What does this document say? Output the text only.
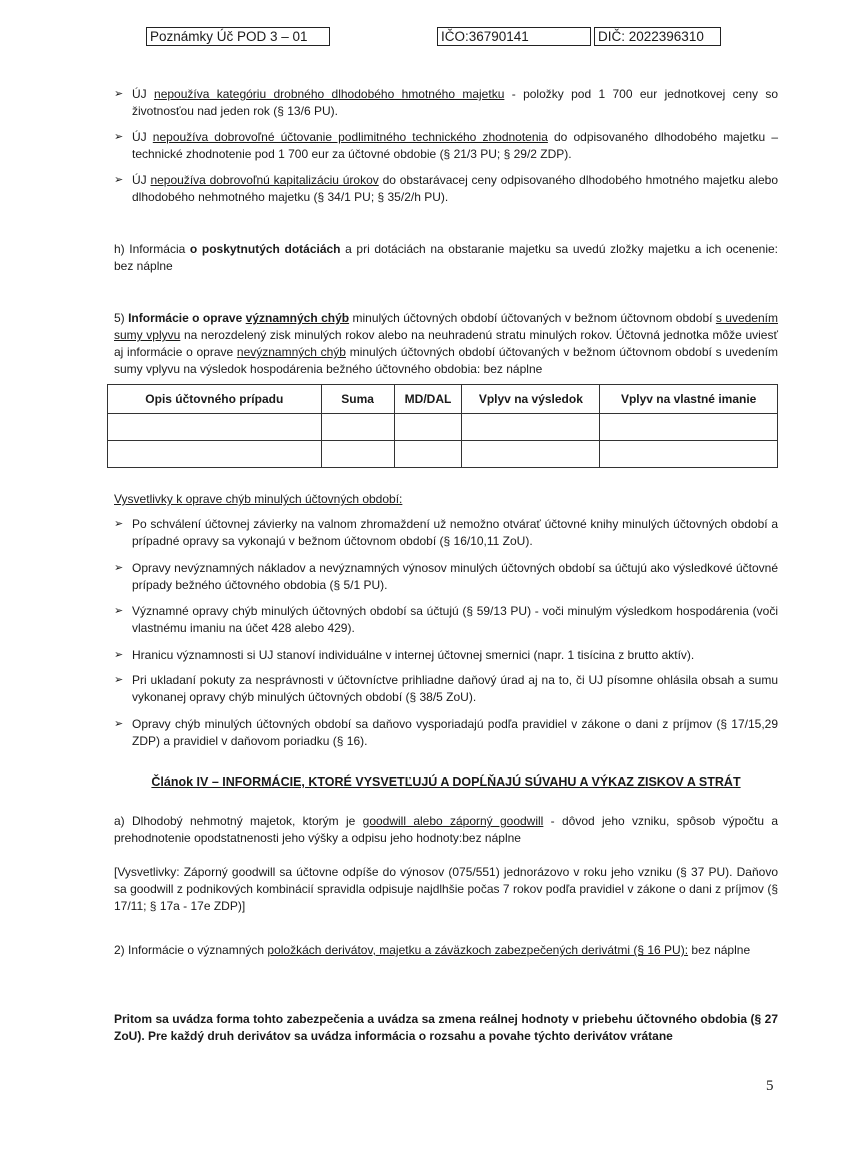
Poznámky Úč POD 3 – 01	IČO:36790141	DIČ: 2022396310
➢ ÚJ nepoužíva kategóriu drobného dlhodobého hmotného majetku - položky pod 1 700 eur jednotkovej ceny so životnosťou nad jeden rok (§ 13/6 PU).
➢ ÚJ nepoužíva dobrovoľné účtovanie podlimitného technického zhodnotenia do odpisovaného dlhodobého majetku – technické zhodnotenie pod 1 700 eur za účtovné obdobie (§ 21/3 PU; § 29/2 ZDP).
➢ ÚJ nepoužíva dobrovoľnú kapitalizáciu úrokov do obstarávacej ceny odpisovaného dlhodobého hmotného majetku alebo dlhodobého nehmotného majetku (§ 34/1 PU; § 35/2/h PU).
h) Informácia o poskytnutých dotáciách a pri dotáciách na obstaranie majetku sa uvedú zložky majetku a ich ocenenie: bez náplne
5) Informácie o oprave významných chýb minulých účtovných období účtovaných v bežnom účtovnom období s uvedením sumy vplyvu na nerozdelený zisk minulých rokov alebo na neuhradenú stratu minulých rokov. Účtovná jednotka môže uviesť aj informácie o oprave nevýznamných chýb minulých účtovných období účtovaných v bežnom účtovnom období s uvedením sumy vplyvu na výsledok hospodárenia bežného účtovného obdobia: bez náplne
Opis účtovného prípadu	Suma	MD/DAL	Vplyv na výsledok	Vplyv na vlastné imanie

Vysvetlivky k oprave chýb minulých účtovných období:
➢ Po schválení účtovnej závierky na valnom zhromaždení už nemožno otvárať účtovné knihy minulých účtovných období a prípadné opravy sa vykonajú v bežnom účtovnom období (§ 16/10,11 ZoU).
➢ Opravy nevýznamných nákladov a nevýznamných výnosov minulých účtovných období sa účtujú ako výsledkové účtovné prípady bežného účtovného obdobia (§ 5/1 PU).
➢ Významné opravy chýb minulých účtovných období sa účtujú (§ 59/13 PU) - voči minulým výsledkom hospodárenia (voči vlastnému imaniu na účet 428 alebo 429).
➢ Hranicu významnosti si UJ stanoví individuálne v internej účtovnej smernici (napr. 1 tisícina z brutto aktív).
➢ Pri ukladaní pokuty za nesprávnosti v účtovníctve prihliadne daňový úrad aj na to, či UJ písomne ohlásila obsah a sumu vykonanej opravy chýb minulých účtovných období (§ 38/5 ZoU).
➢ Opravy chýb minulých účtovných období sa daňovo vysporiadajú podľa pravidiel v zákone o dani z príjmov (§ 17/15,29 ZDP) a pravidiel v daňovom poriadku (§ 16).
Článok IV – INFORMÁCIE, KTORÉ VYSVETĽUJÚ A DOPĹŇAJÚ SÚVAHU A VÝKAZ ZISKOV A STRÁT
a) Dlhodobý nehmotný majetok, ktorým je goodwill alebo záporný goodwill - dôvod jeho vzniku, spôsob výpočtu a prehodnotenie opodstatnenosti jeho výšky a odpisu jeho hodnoty:bez náplne
[Vysvetlivky: Záporný goodwill sa účtovne odpíše do výnosov (075/551) jednorázovo v roku jeho vzniku (§ 37 PU). Daňovo sa goodwill z podnikových kombinácií spravidla odpisuje najdlhšie počas 7 rokov podľa pravidiel v zákone o dani z príjmov (§ 17/11; § 17a - 17e ZDP)]
2) Informácie o významných položkách derivátov, majetku a záväzkoch zabezpečených derivátmi (§ 16 PU): bez náplne
Pritom sa uvádza forma tohto zabezpečenia a uvádza sa zmena reálnej hodnoty v priebehu účtovného obdobia (§ 27 ZoU). Pre každý druh derivátov sa uvádza informácia o rozsahu a povahe týchto derivátov vrátane
5
